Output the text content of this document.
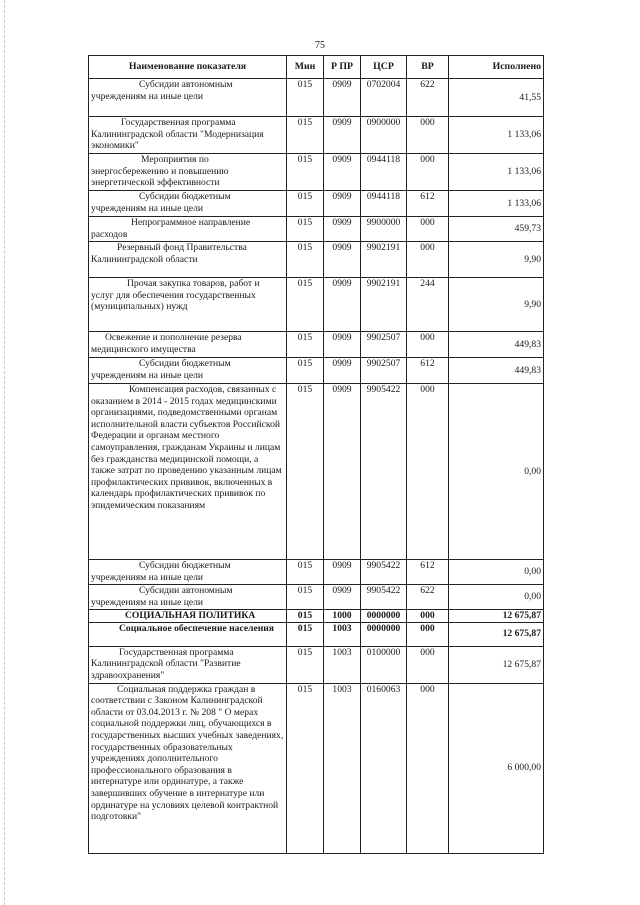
75
Наименование показателя	Мин	Р ПР	ЦСР	ВР	Исполнено
Субсидии автономным учреждениям на иные цели	015	0909	0702004	622	41,55
Государственная программа Калининградской области "Модернизация экономики"	015	0909	0900000	000	1 133,06
Мероприятия по энергосбережению и повышению энергетической эффективности	015	0909	0944118	000	1 133,06
Субсидии бюджетным учреждениям на иные цели	015	0909	0944118	612	1 133,06
Непрограммное направление расходов	015	0909	9900000	000	459,73
Резервный фонд Правительства Калининградской области	015	0909	9902191	000	9,90
Прочая закупка товаров, работ и услуг для обеспечения государственных (муниципальных) нужд	015	0909	9902191	244	9,90
Освежение и пополнение резерва медицинского имущества	015	0909	9902507	000	449,83
Субсидии бюджетным учреждениям на иные цели	015	0909	9902507	612	449,83
Компенсация расходов, связанных с оказанием в 2014 - 2015 годах медицинскими организациями, подведомственными органам исполнительной власти субъектов Российской Федерации и органам местного самоуправления, гражданам Украины и лицам без гражданства медицинской помощи, а также затрат по проведению указанным лицам профилактических прививок, включенных в календарь профилактических прививок по эпидемическим показаниям	015	0909	9905422	000	0,00
Субсидии бюджетным учреждениям на иные цели	015	0909	9905422	612	0,00
Субсидии автономным учреждениям на иные цели	015	0909	9905422	622	0,00
СОЦИАЛЬНАЯ ПОЛИТИКА	015	1000	0000000	000	12 675,87
Социальное обеспечение населения	015	1003	0000000	000	12 675,87
Государственная программа Калининградской области "Развитие здравоохранения"	015	1003	0100000	000	12 675,87
Социальная поддержка граждан в соответствии с Законом Калининградской области от 03.04.2013 г. № 208 " О мерах социальной поддержки лиц, обучающихся в государственных высших учебных заведениях, государственных образовательных учреждениях дополнительного профессионального образования в интернатуре или ординатуре, а также завершивших обучение в интернатуре или ординатуре на условиях целевой контрактной подготовки"	015	1003	0160063	000	6 000,00
